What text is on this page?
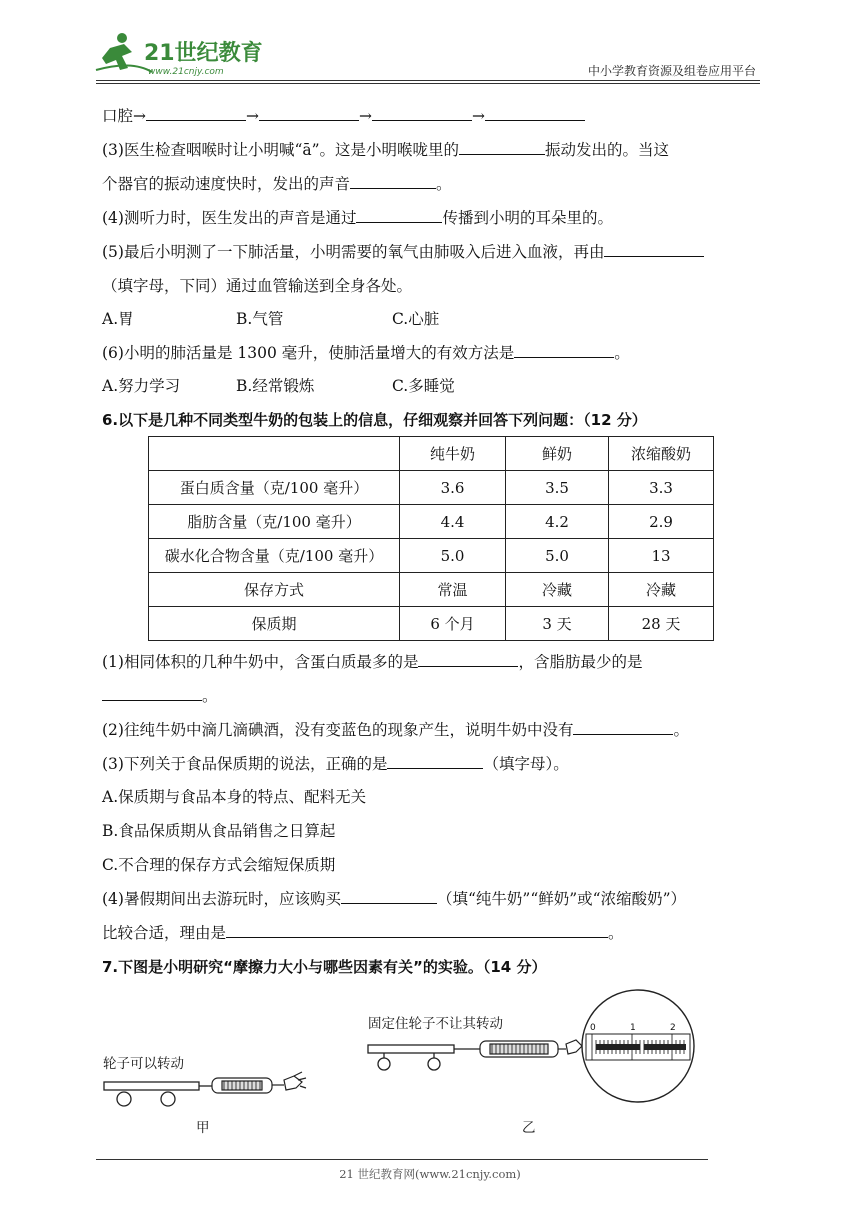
21世纪教育
www.21cnjy.com	中小学教育资源及组卷应用平台
口腔→	→	→	→
(3)医生检查咽喉时让小明喊“ā”。这是小明喉咙里的	振动发出的。当这
个器官的振动速度快时，发出的声音	。
(4)测听力时，医生发出的声音是通过	传播到小明的耳朵里的。
(5)最后小明测了一下肺活量，小明需要的氧气由肺吸入后进入血液，再由
（填字母，下同）通过血管输送到全身各处。
A.胃	B.气管	C.心脏
(6)小明的肺活量是 1300 毫升，使肺活量增大的有效方法是	。
A.努力学习	B.经常锻炼	C.多睡觉
6.以下是几种不同类型牛奶的包装上的信息，仔细观察并回答下列问题：（12 分）
	纯牛奶	鲜奶	浓缩酸奶
蛋白质含量（克/100 毫升）	3.6	3.5	3.3
脂肪含量（克/100 毫升）	4.4	4.2	2.9
碳水化合物含量（克/100 毫升）	5.0	5.0	13
保存方式	常温	冷藏	冷藏
保质期	6 个月	3 天	28 天
(1)相同体积的几种牛奶中，含蛋白质最多的是	，含脂肪最少的是
。
(2)往纯牛奶中滴几滴碘酒，没有变蓝色的现象产生，说明牛奶中没有	。
(3)下列关于食品保质期的说法，正确的是	（填字母）。
A.保质期与食品本身的特点、配料无关
B.食品保质期从食品销售之日算起
C.不合理的保存方式会缩短保质期
(4)暑假期间出去游玩时，应该购买	（填“纯牛奶”“鲜奶”或“浓缩酸奶”）
比较合适，理由是	。
7.下图是小明研究“摩擦力大小与哪些因素有关”的实验。（14 分）
轮子可以转动
固定住轮子不让其转动
甲	乙
0	1	2
21 世纪教育网(www.21cnjy.com)
